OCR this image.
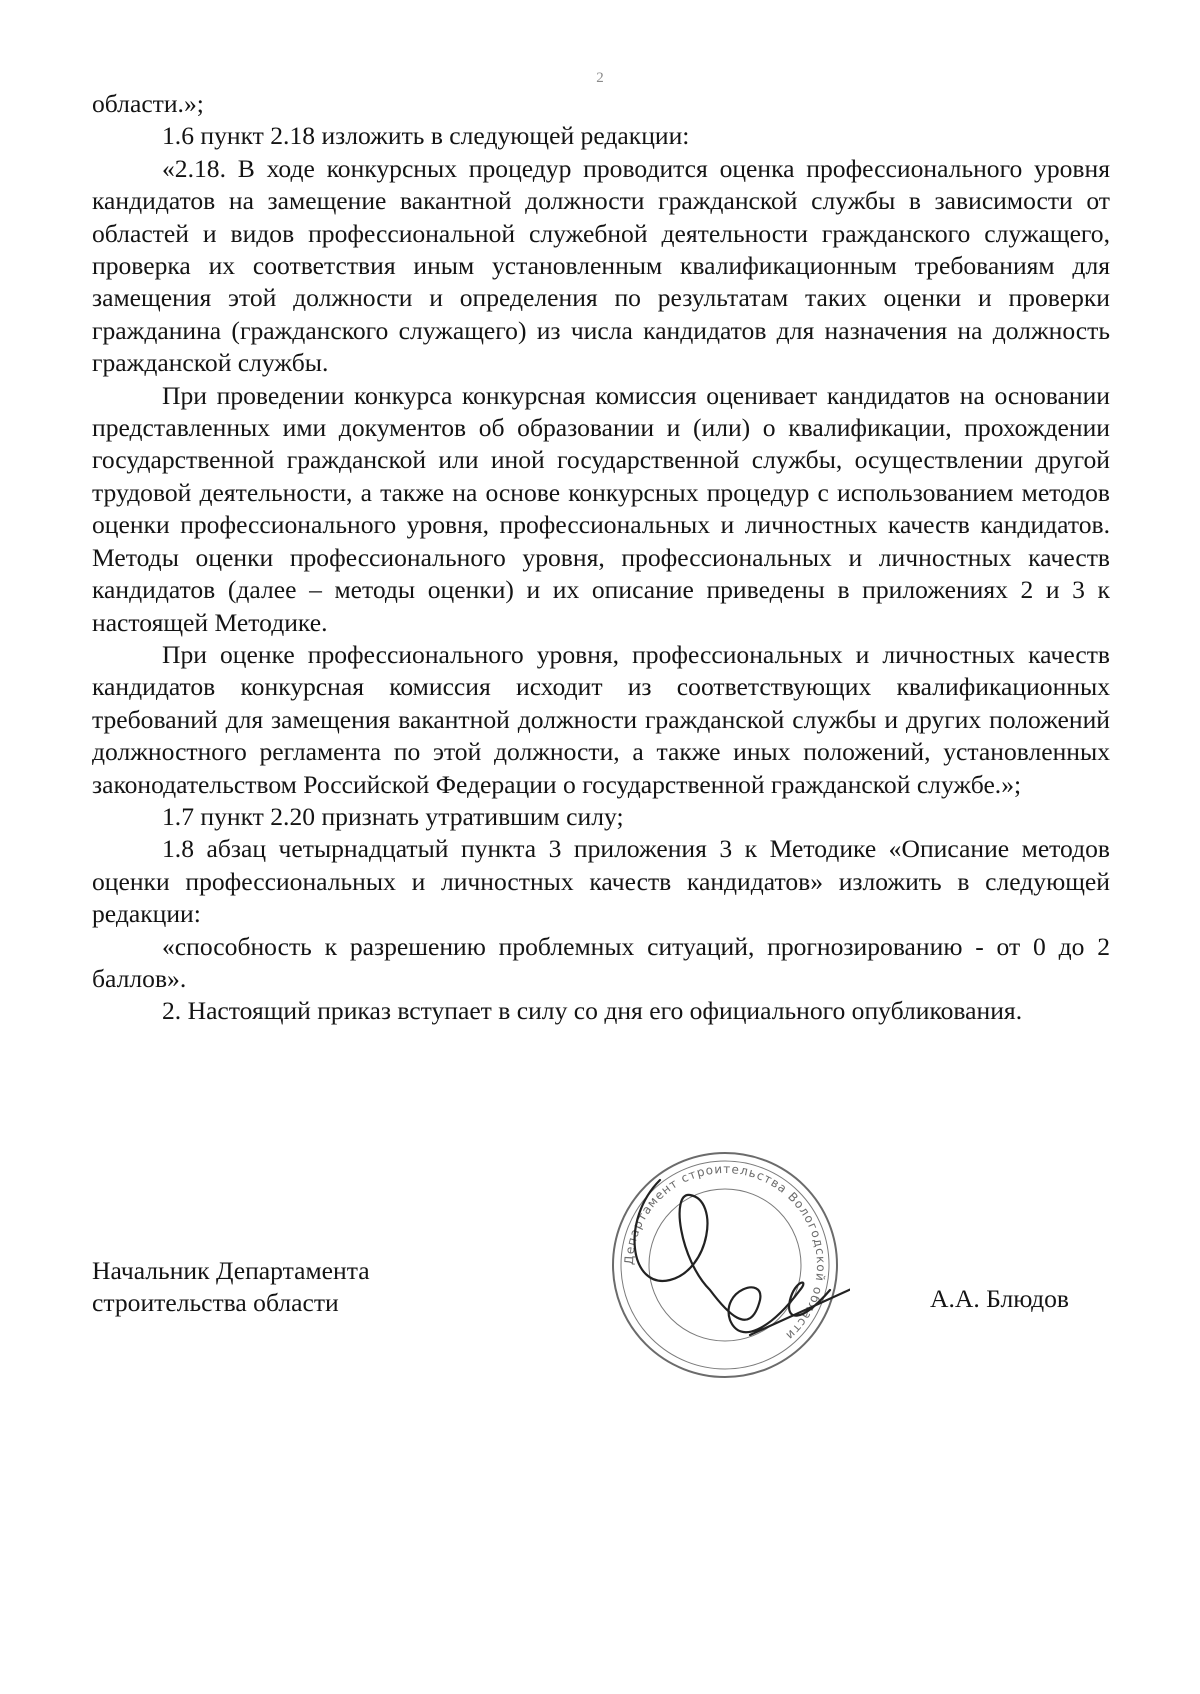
2

области.»;

1.6 пункт 2.18 изложить в следующей редакции:

«2.18. В ходе конкурсных процедур проводится оценка профессионального уровня кандидатов на замещение вакантной должности гражданской службы в зависимости от областей и видов профессиональной служебной деятельности гражданского служащего, проверка их соответствия иным установленным квалификационным требованиям для замещения этой должности и определения по результатам таких оценки и проверки гражданина (гражданского служащего) из числа кандидатов для назначения на должность гражданской службы.

При проведении конкурса конкурсная комиссия оценивает кандидатов на основании представленных ими документов об образовании и (или) о квалификации, прохождении государственной гражданской или иной государственной службы, осуществлении другой трудовой деятельности, а также на основе конкурсных процедур с использованием методов оценки профессионального уровня, профессиональных и личностных качеств кандидатов. Методы оценки профессионального уровня, профессиональных и личностных качеств кандидатов (далее – методы оценки) и их описание приведены в приложениях 2 и 3 к настоящей Методике.

При оценке профессионального уровня, профессиональных и личностных качеств кандидатов конкурсная комиссия исходит из соответствующих квалификационных требований для замещения вакантной должности гражданской службы и других положений должностного регламента по этой должности, а также иных положений, установленных законодательством Российской Федерации о государственной гражданской службе.»;

1.7 пункт 2.20 признать утратившим силу;

1.8 абзац четырнадцатый пункта 3 приложения 3 к Методике «Описание методов оценки профессиональных и личностных качеств кандидатов» изложить в следующей редакции:

«способность к разрешению проблемных ситуаций, прогнозированию - от 0 до 2 баллов».

2. Настоящий приказ вступает в силу со дня его официального опубликования.

Департамент строительства Вологодской области
Начальник Департамента
строительства области	А.А. Блюдов
